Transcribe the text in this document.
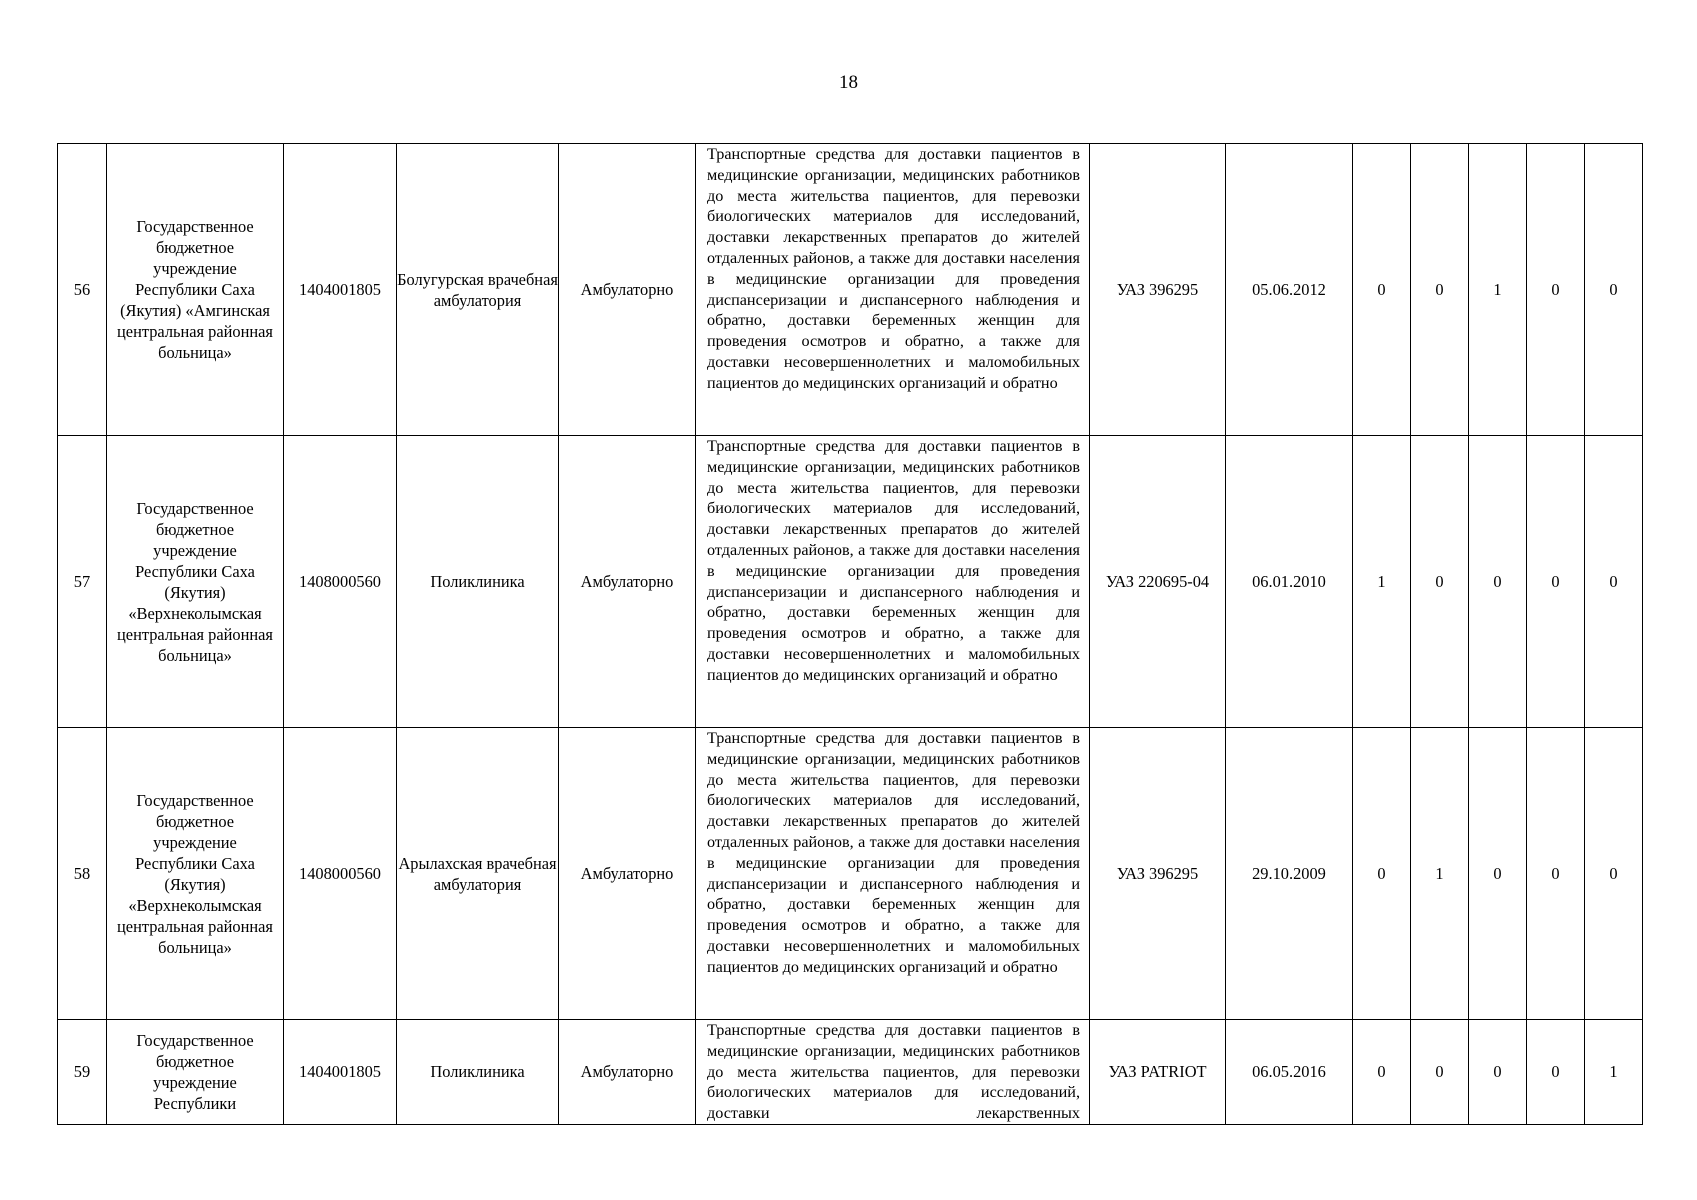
18
56	Государственное бюджетное учреждение Республики Саха (Якутия) «Амгинская центральная районная больница»	1404001805	Болугурская врачебная амбулатория	Амбулаторно	Транспортные средства для доставки пациентов в медицинские организации, медицинских работников до места жительства пациентов, для перевозки биологических материалов для исследований, доставки лекарственных препаратов до жителей отдаленных районов, а также для доставки населения в медицинские организации для проведения диспансеризации и диспансерного наблюдения и обратно, доставки беременных женщин для проведения осмотров и обратно, а также для доставки несовершеннолетних и маломобильных пациентов до медицинских организаций и обратно	УАЗ 396295	05.06.2012	0	0	1	0	0
57	Государственное бюджетное учреждение Республики Саха (Якутия) «Верхнеколымская центральная районная больница»	1408000560	Поликлиника	Амбулаторно	Транспортные средства для доставки пациентов в медицинские организации, медицинских работников до места жительства пациентов, для перевозки биологических материалов для исследований, доставки лекарственных препаратов до жителей отдаленных районов, а также для доставки населения в медицинские организации для проведения диспансеризации и диспансерного наблюдения и обратно, доставки беременных женщин для проведения осмотров и обратно, а также для доставки несовершеннолетних и маломобильных пациентов до медицинских организаций и обратно	УАЗ 220695-04	06.01.2010	1	0	0	0	0
58	Государственное бюджетное учреждение Республики Саха (Якутия) «Верхнеколымская центральная районная больница»	1408000560	Арылахская врачебная амбулатория	Амбулаторно	Транспортные средства для доставки пациентов в медицинские организации, медицинских работников до места жительства пациентов, для перевозки биологических материалов для исследований, доставки лекарственных препаратов до жителей отдаленных районов, а также для доставки населения в медицинские организации для проведения диспансеризации и диспансерного наблюдения и обратно, доставки беременных женщин для проведения осмотров и обратно, а также для доставки несовершеннолетних и маломобильных пациентов до медицинских организаций и обратно	УАЗ 396295	29.10.2009	0	1	0	0	0
59	Государственное бюджетное учреждение Республики	1404001805	Поликлиника	Амбулаторно	Транспортные средства для доставки пациентов в медицинские организации, медицинских работников до места жительства пациентов, для перевозки биологических материалов для исследований, доставки лекарственных	УАЗ PATRIOT	06.05.2016	0	0	0	0	1
